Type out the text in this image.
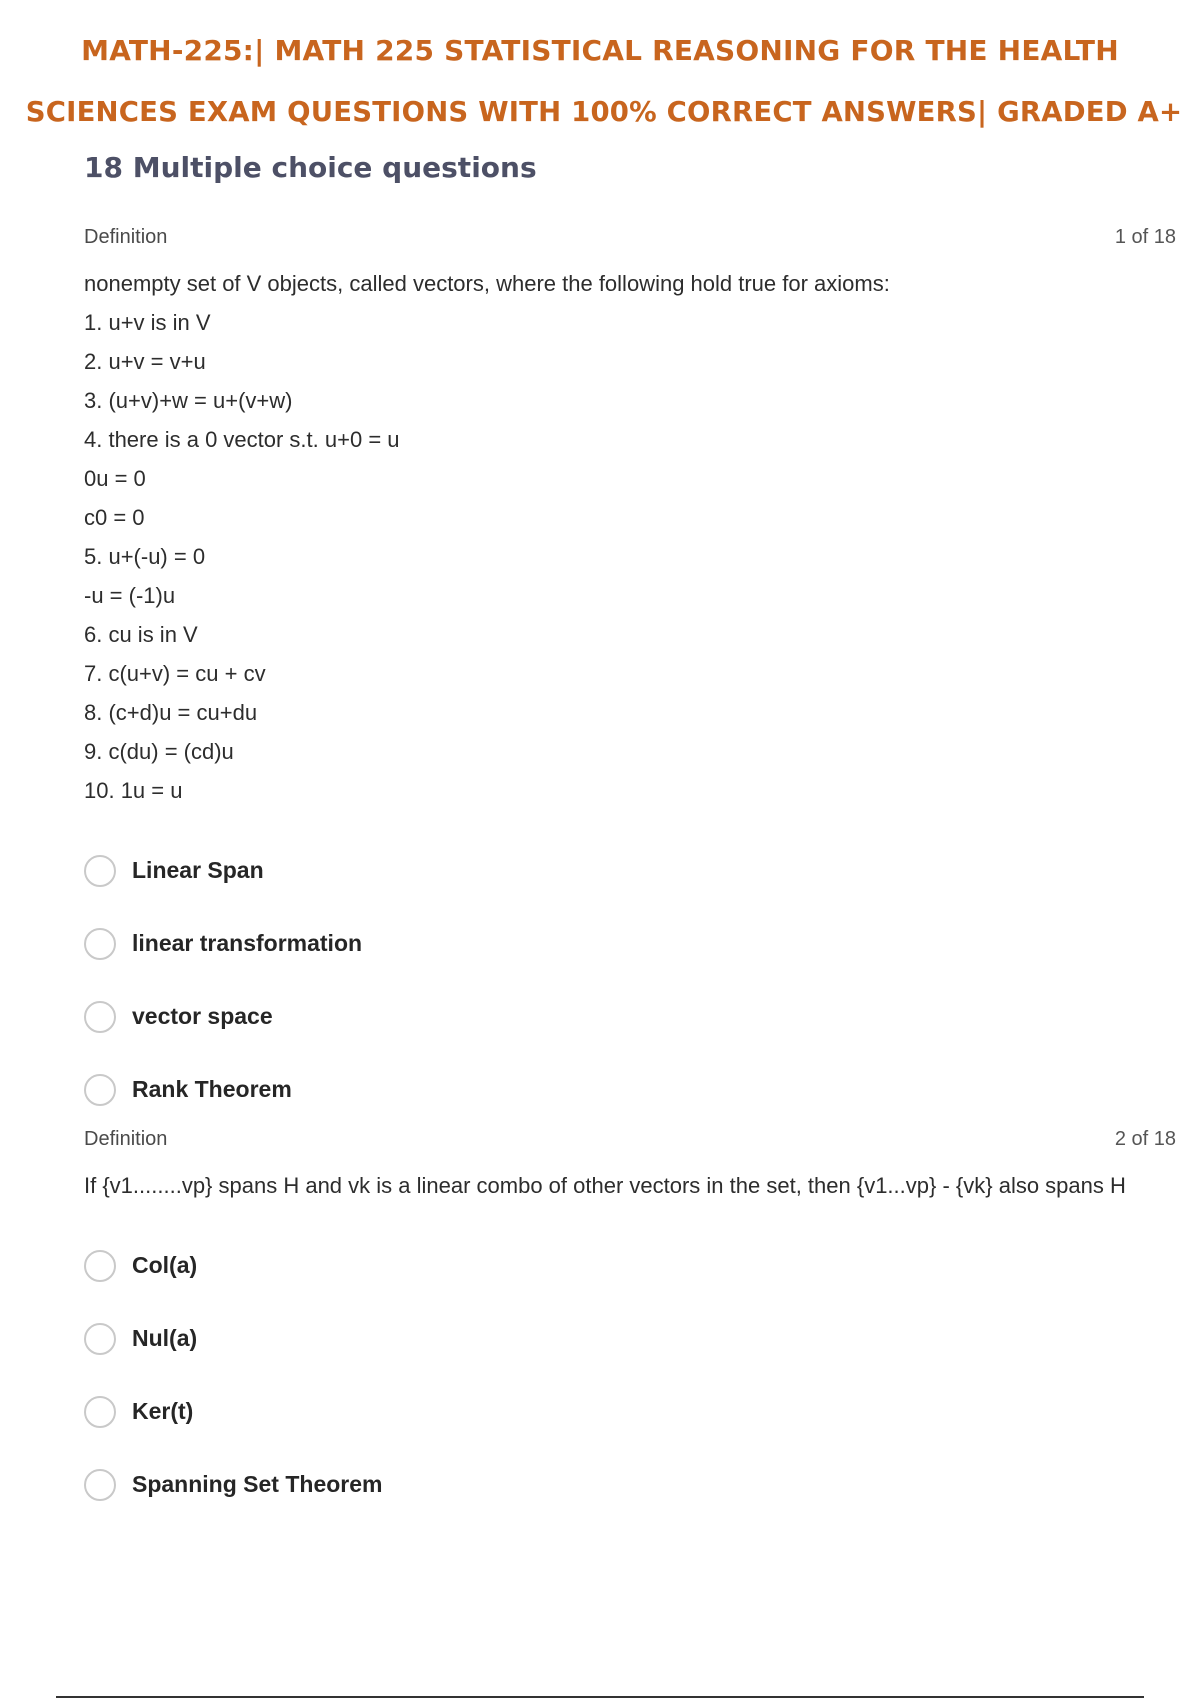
MATH-225:| MATH 225 STATISTICAL REASONING FOR THE HEALTH
SCIENCES EXAM QUESTIONS WITH 100% CORRECT ANSWERS| GRADED A+
18 Multiple choice questions
Definition	1 of 18
nonempty set of V objects, called vectors, where the following hold true for axioms:
1. u+v is in V
2. u+v = v+u
3. (u+v)+w = u+(v+w)
4. there is a 0 vector s.t. u+0 = u
0u = 0
c0 = 0
5. u+(-u) = 0
-u = (-1)u
6. cu is in V
7. c(u+v) = cu + cv
8. (c+d)u = cu+du
9. c(du) = (cd)u
10. 1u = u
Linear Span
linear transformation
vector space
Rank Theorem
Definition	2 of 18
If {v1........vp} spans H and vk is a linear combo of other vectors in the set, then {v1...vp} - {vk} also spans H
Col(a)
Nul(a)
Ker(t)
Spanning Set Theorem
